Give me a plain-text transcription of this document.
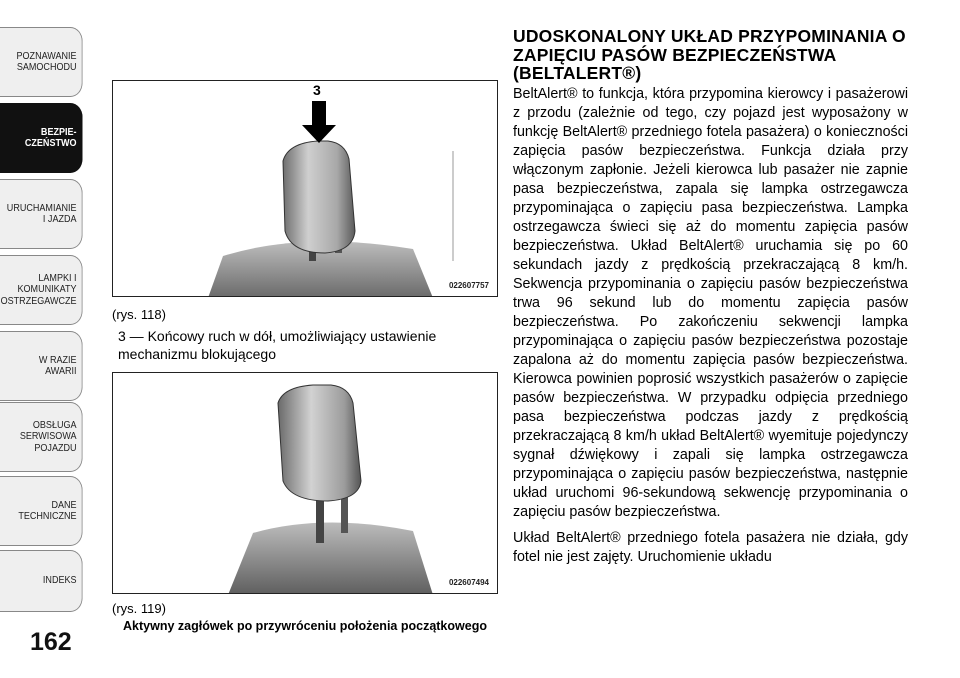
POZNAWANIE
SAMOCHODU
BEZPIE-
CZEŃSTWO
URUCHAMIANIE
I JAZDA
LAMPKI I
KOMUNIKATY
OSTRZEGAWCZE
W RAZIE
AWARII
OBSŁUGA
SERWISOWA
POJAZDU
DANE
TECHNICZNE
INDEKS
162
3
022607757
(rys. 118)
3 — Końcowy ruch w dół, umożliwiający ustawienie mechanizmu blokującego
022607494
(rys. 119)
Aktywny zagłówek po przywróceniu położenia początkowego
UDOSKONALONY UKŁAD PRZYPOMINANIA O ZAPIĘCIU PASÓW BEZPIECZEŃSTWA (BELTALERT®)

BeltAlert® to funkcja, która przypomina kierowcy i pasażerowi z przodu (zależnie od tego, czy pojazd jest wyposażony w funkcję BeltAlert® przedniego fotela pasażera) o konieczności zapięcia pasów bezpieczeństwa. Funkcja działa przy włączonym zapłonie. Jeżeli kierowca lub pasażer nie zapnie pasa bezpieczeństwa, zapala się lampka ostrzegawcza przypominająca o zapięciu pasa bezpieczeństwa. Lampka ostrzegawcza świeci się aż do momentu zapięcia pasów bezpieczeństwa. Układ BeltAlert® uruchamia się po 60 sekundach jazdy z prędkością przekraczającą 8 km/h. Sekwencja przypominania o zapięciu pasów bezpieczeństwa trwa 96 sekund lub do momentu zapięcia pasów bezpieczeństwa. Po zakończeniu sekwencji lampka przypominająca o zapięciu pasów bezpieczeństwa pozostaje zapalona aż do momentu zapięcia pasów bezpieczeństwa. Kierowca powinien poprosić wszystkich pasażerów o zapięcie pasów bezpieczeństwa. W przypadku odpięcia przedniego pasa bezpieczeństwa podczas jazdy z prędkością przekraczającą 8 km/h układ BeltAlert® wyemituje pojedynczy sygnał dźwiękowy i zapali się lampka ostrzegawcza przypominająca o zapięciu pasów bezpieczeństwa, następnie układ uruchomi 96-sekundową sekwencję przypominania o zapięciu pasów bezpieczeństwa.

Układ BeltAlert® przedniego fotela pasażera nie działa, gdy fotel nie jest zajęty. Uruchomienie układu
